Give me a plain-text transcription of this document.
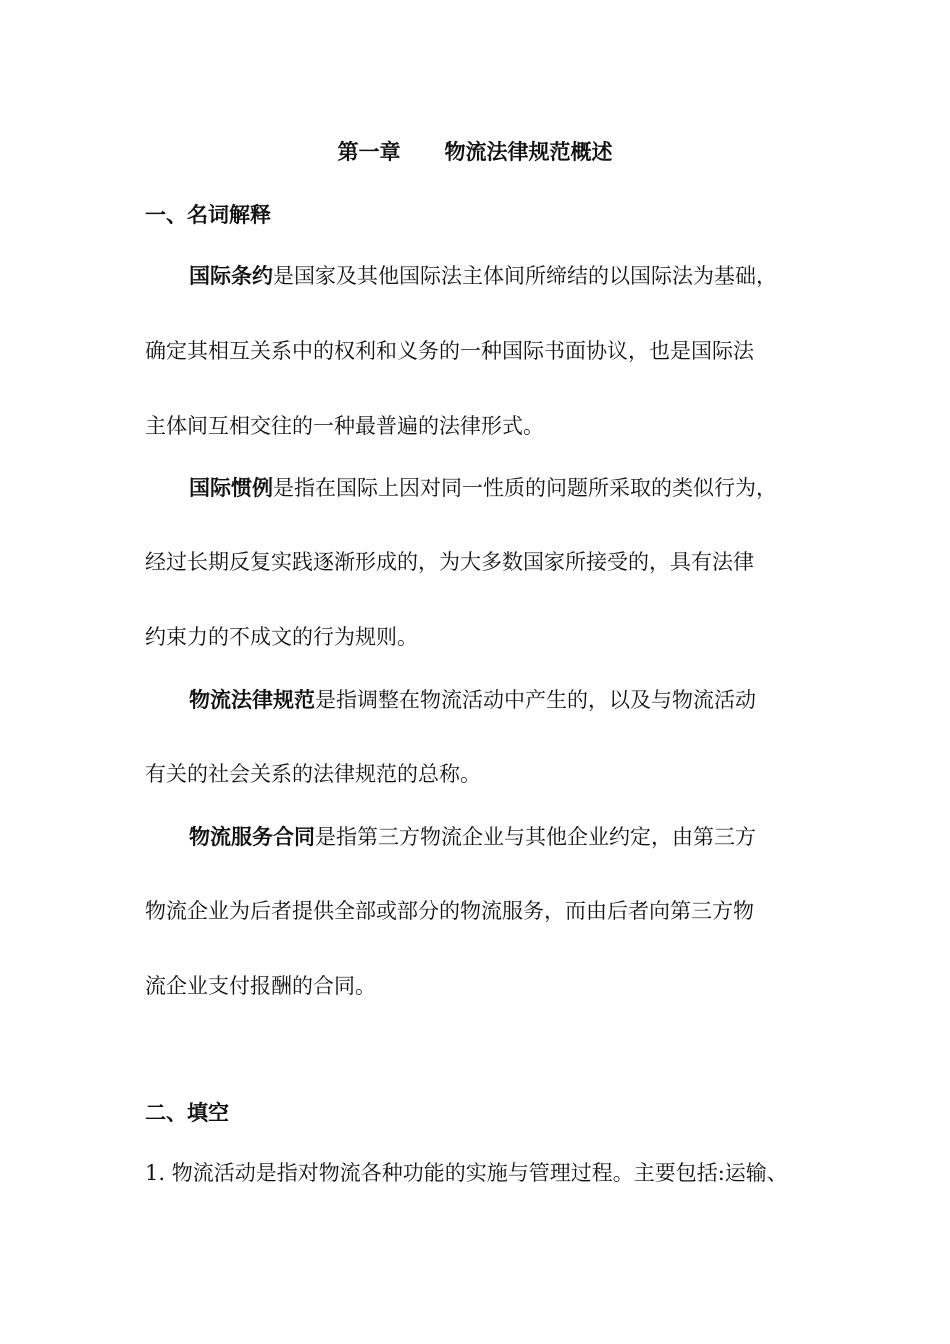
第一章 物流法律规范概述
一、名词解释
国际条约是国家及其他国际法主体间所缔结的以国际法为基础，
确定其相互关系中的权利和义务的一种国际书面协议，也是国际法
主体间互相交往的一种最普遍的法律形式。
国际惯例是指在国际上因对同一性质的问题所采取的类似行为，
经过长期反复实践逐渐形成的，为大多数国家所接受的，具有法律
约束力的不成文的行为规则。
物流法律规范是指调整在物流活动中产生的，以及与物流活动
有关的社会关系的法律规范的总称。
物流服务合同是指第三方物流企业与其他企业约定，由第三方
物流企业为后者提供全部或部分的物流服务，而由后者向第三方物
流企业支付报酬的合同。
二、填空
1. 物流活动是指对物流各种功能的实施与管理过程。主要包括:运输、
